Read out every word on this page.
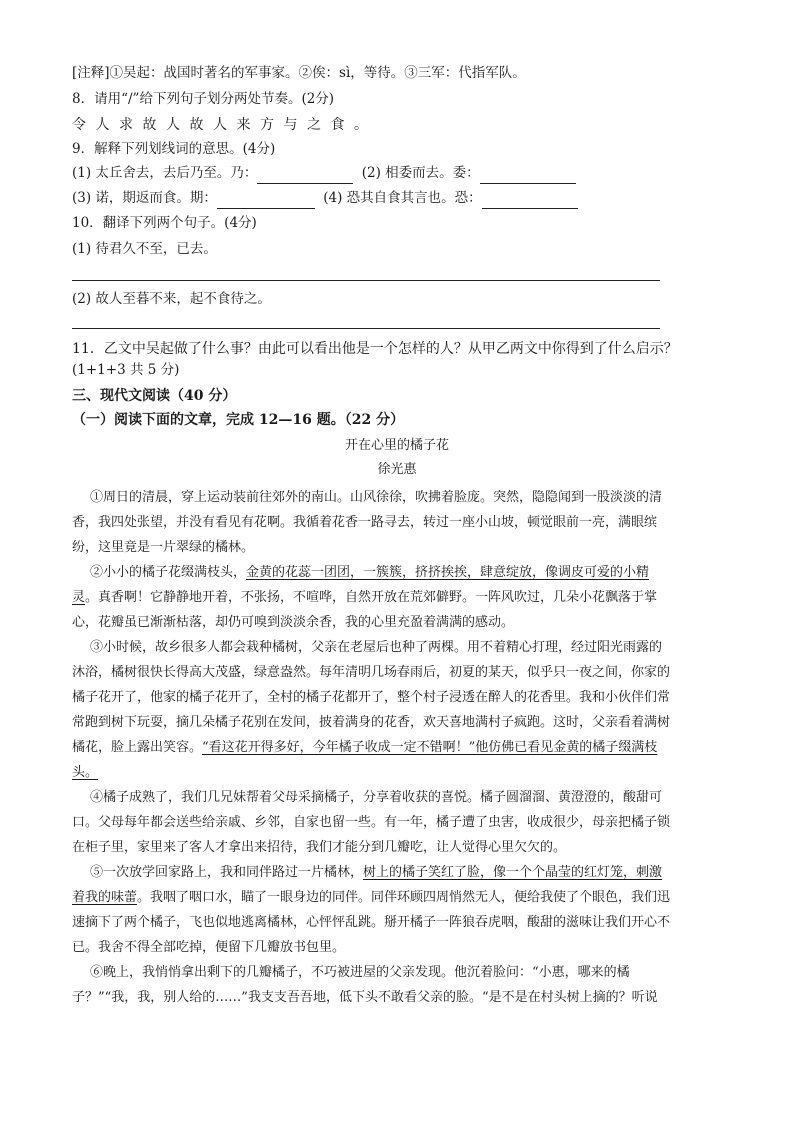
[注释]①吴起：战国时著名的军事家。②俟：sì，等待。③三军：代指军队。
8．请用“/”给下列句子划分两处节奏。(2分)
令人求故人故人来方与之食。
9．解释下列划线词的意思。(4分)
(1) 太丘舍去，去后乃至。乃：	(2) 相委而去。委：
(3) 诺，期返而食。期：	(4) 恐其自食其言也。恐：
10．翻译下列两个句子。(4分)
(1) 待君久不至，已去。
(2) 故人至暮不来，起不食待之。
11．乙文中吴起做了什么事？由此可以看出他是一个怎样的人？从甲乙两文中你得到了什么启示？
(1+1+3 共 5 分)
三、现代文阅读（40 分）
（一）阅读下面的文章，完成 12—16 题。（22 分）
开在心里的橘子花
徐光惠
①周日的清晨，穿上运动装前往郊外的南山。山风徐徐，吹拂着脸庞。突然，隐隐闻到一股淡淡的清
香，我四处张望，并没有看见有花啊。我循着花香一路寻去，转过一座小山坡，顿觉眼前一亮，满眼缤
纷，这里竟是一片翠绿的橘林。
②小小的橘子花缀满枝头，金黄的花蕊一团团，一簇簇，挤挤挨挨，肆意绽放，像调皮可爱的小精
灵。真香啊！它静静地开着，不张扬，不喧哗，自然开放在荒郊僻野。一阵风吹过，几朵小花飘落于掌
心，花瓣虽已渐渐枯落，却仍可嗅到淡淡余香，我的心里充盈着满满的感动。
③小时候，故乡很多人都会栽种橘树，父亲在老屋后也种了两棵。用不着精心打理，经过阳光雨露的
沐浴，橘树很快长得高大茂盛，绿意盎然。每年清明几场春雨后，初夏的某天，似乎只一夜之间，你家的
橘子花开了，他家的橘子花开了，全村的橘子花都开了，整个村子浸透在醉人的花香里。我和小伙伴们常
常跑到树下玩耍，摘几朵橘子花别在发间，披着满身的花香，欢天喜地满村子疯跑。这时，父亲看着满树
橘花，脸上露出笑容。“看这花开得多好，今年橘子收成一定不错啊！”他仿佛已看见金黄的橘子缀满枝
头。
④橘子成熟了，我们几兄妹帮着父母采摘橘子，分享着收获的喜悦。橘子圆溜溜、黄澄澄的，酸甜可
口。父母每年都会送些给亲戚、乡邻，自家也留一些。有一年，橘子遭了虫害，收成很少，母亲把橘子锁
在柜子里，家里来了客人才拿出来招待，我们才能分到几瓣吃，让人觉得心里欠欠的。
⑤一次放学回家路上，我和同伴路过一片橘林，树上的橘子笑红了脸，像一个个晶莹的红灯笼，刺激
着我的味蕾。我咽了咽口水，瞄了一眼身边的同伴。同伴环顾四周悄然无人，便给我使了个眼色，我们迅
速摘下了两个橘子，飞也似地逃离橘林，心怦怦乱跳。掰开橘子一阵狼吞虎咽，酸甜的滋味让我们开心不
已。我舍不得全部吃掉，便留下几瓣放书包里。
⑥晚上，我悄悄拿出剩下的几瓣橘子，不巧被进屋的父亲发现。他沉着脸问：“小惠，哪来的橘
子？”“我，我，别人给的……”我支支吾吾地，低下头不敢看父亲的脸。“是不是在村头树上摘的？听说
